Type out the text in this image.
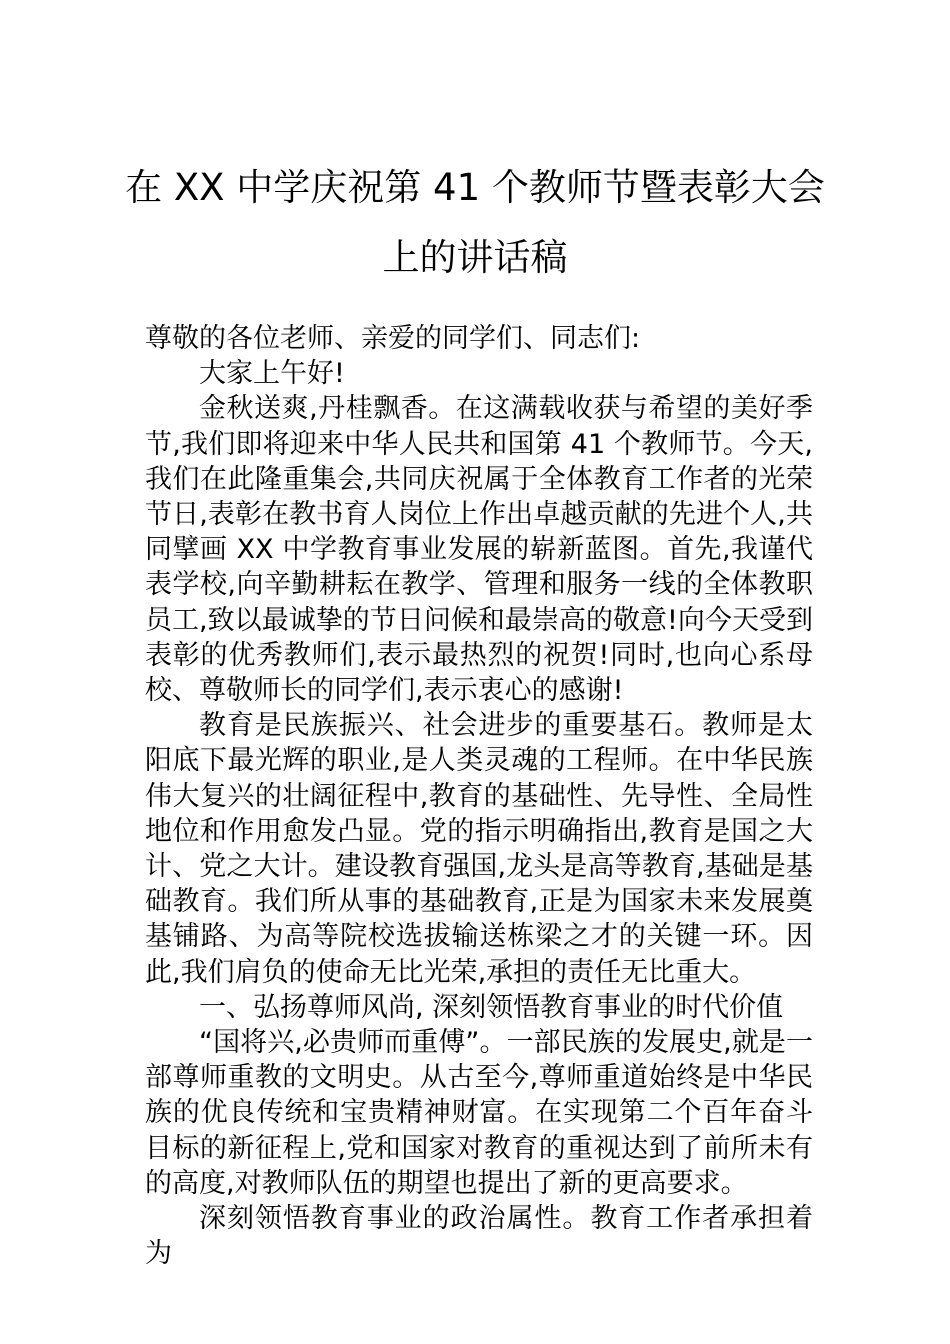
在 XX 中学庆祝第 41 个教师节暨表彰大会
上的讲话稿

尊敬的各位老师、亲爱的同学们、同志们:

大家上午好!

金秋送爽,丹桂飘香。在这满载收获与希望的美好季节,我们即将迎来中华人民共和国第 41 个教师节。今天,我们在此隆重集会,共同庆祝属于全体教育工作者的光荣节日,表彰在教书育人岗位上作出卓越贡献的先进个人,共同擘画 XX 中学教育事业发展的崭新蓝图。首先,我谨代表学校,向辛勤耕耘在教学、管理和服务一线的全体教职员工,致以最诚挚的节日问候和最崇高的敬意!向今天受到表彰的优秀教师们,表示最热烈的祝贺!同时,也向心系母校、尊敬师长的同学们,表示衷心的感谢!

教育是民族振兴、社会进步的重要基石。教师是太阳底下最光辉的职业,是人类灵魂的工程师。在中华民族伟大复兴的壮阔征程中,教育的基础性、先导性、全局性地位和作用愈发凸显。党的指示明确指出,教育是国之大计、党之大计。建设教育强国,龙头是高等教育,基础是基础教育。我们所从事的基础教育,正是为国家未来发展奠基铺路、为高等院校选拔输送栋梁之才的关键一环。因此,我们肩负的使命无比光荣,承担的责任无比重大。

一、弘扬尊师风尚, 深刻领悟教育事业的时代价值

“国将兴,必贵师而重傅”。一部民族的发展史,就是一部尊师重教的文明史。从古至今,尊师重道始终是中华民族的优良传统和宝贵精神财富。在实现第二个百年奋斗目标的新征程上,党和国家对教育的重视达到了前所未有的高度,对教师队伍的期望也提出了新的更高要求。

深刻领悟教育事业的政治属性。教育工作者承担着为
